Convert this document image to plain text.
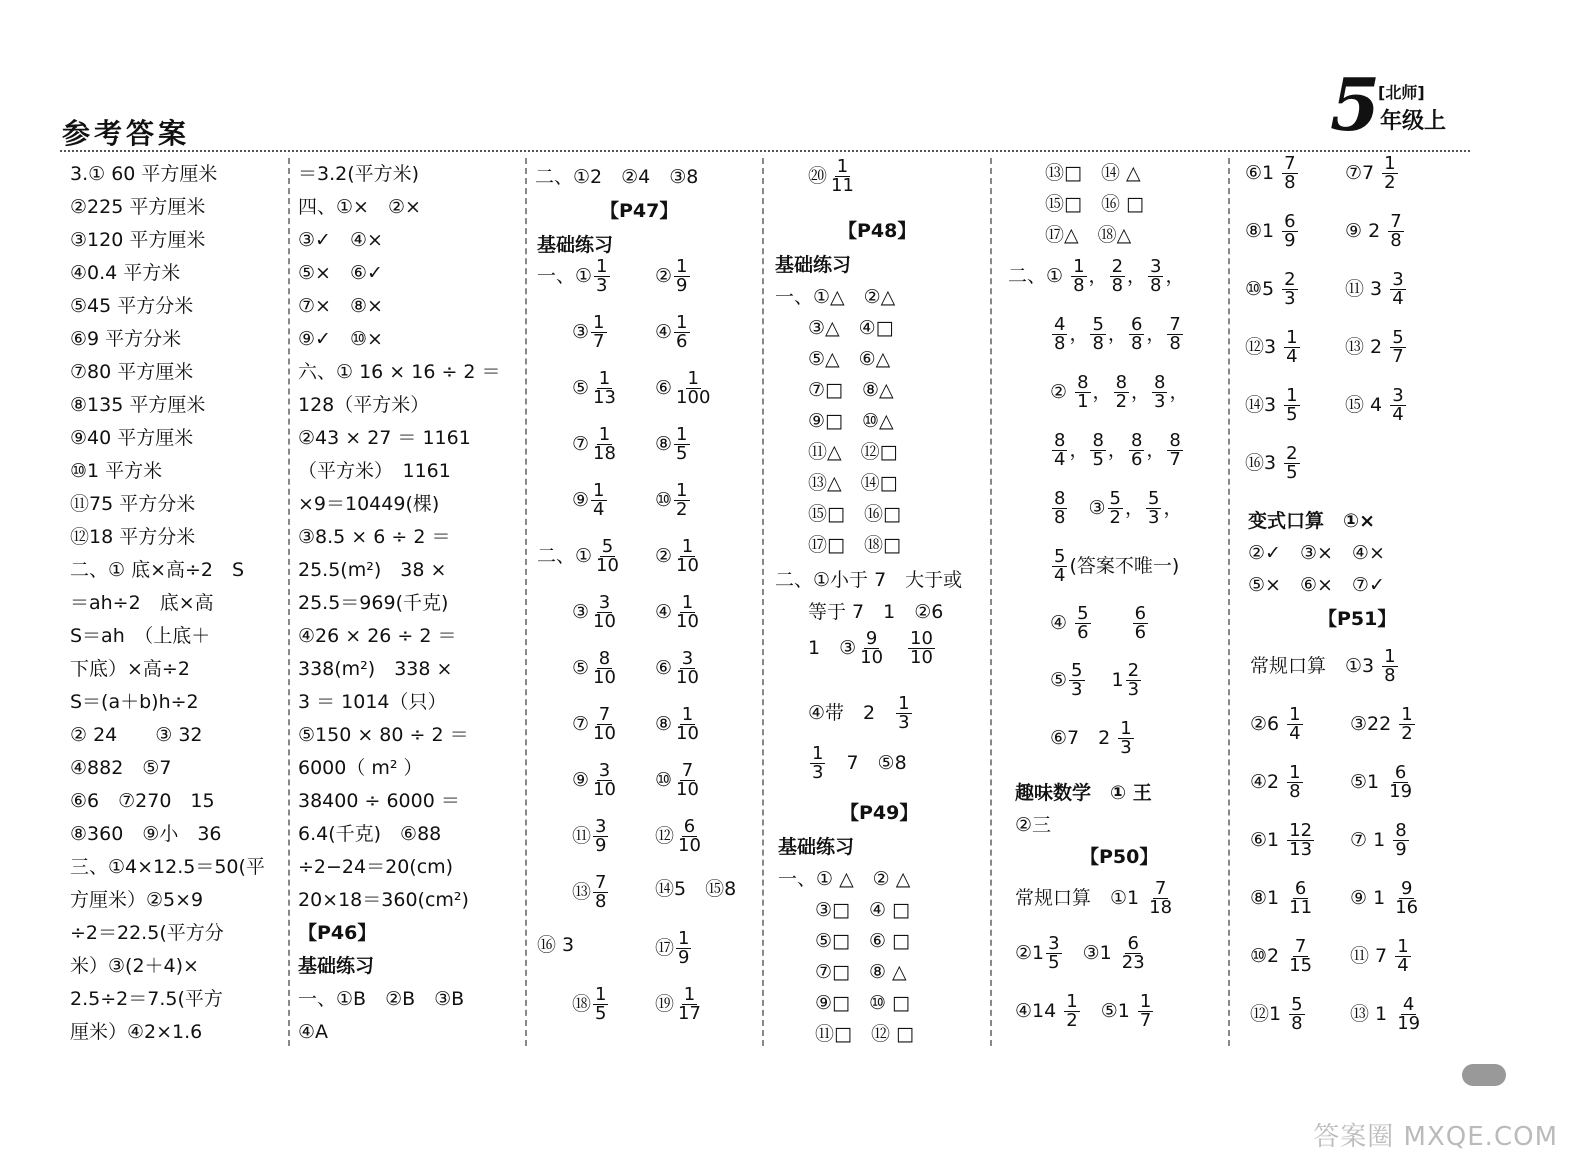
参考答案	5
[北师]
年级上
3.① 60 平方厘米
②225 平方厘米
③120 平方厘米
④0.4 平方米
⑤45 平方分米
⑥9 平方分米
⑦80 平方厘米
⑧135 平方厘米
⑨40 平方厘米
⑩1 平方米
⑪75 平方分米
⑫18 平方分米
二、① 底×高÷2　S
＝ah÷2　底×高
S＝ah　（上底＋
下底）×高÷2
S＝(a＋b)h÷2
② 24　　③ 32
④882　⑤7
⑥6　⑦270　15
⑧360　⑨小　36
三、①4×12.5＝50(平
方厘米）②5×9
÷2＝22.5(平方分
米）③(2＋4)×
2.5÷2＝7.5(平方
厘米）④2×1.6
＝3.2(平方米)
四、①×　②×
③✓　④×
⑤×　⑥✓
⑦×　⑧×
⑨✓　⑩×
六、① 16 × 16 ÷ 2 ＝
128（平方米）
②43 × 27 ＝ 1161
（平方米）　1161
×9＝10449(棵)
③8.5 × 6 ÷ 2 ＝
25.5(m²)　38 ×
25.5＝969(千克)
④26 × 26 ÷ 2 ＝
338(m²)　338 ×
3 ＝ 1014（只）
⑤150 × 80 ÷ 2 ＝
6000（ m² ）
38400 ÷ 6000 ＝
6.4(千克)　⑥88
÷2−24＝20(cm)
20×18＝360(cm²)
【P46】
基础练习
一、①B　②B　③B
④A
答案圈 MXQE.COM
二、①2　②4　③8
【P47】
基础练习
一、① $\frac{1}{3}$ ② $\frac{1}{9}$
③ $\frac{1}{7}$	④ $\frac{1}{6}$
⑤ $\frac{1}{13}$ ⑥ $\frac{1}{100}$
⑦ $\frac{1}{18}$ ⑧ $\frac{1}{5}$
⑨ $\frac{1}{4}$	⑩ $\frac{1}{2}$
二、① $\frac{5}{10}$ ② $\frac{1}{10}$
③ $\frac{3}{10}$ ④ $\frac{1}{10}$
⑤ $\frac{8}{10}$ ⑥ $\frac{3}{10}$
⑦ $\frac{7}{10}$ ⑧ $\frac{1}{10}$
⑨ $\frac{3}{10}$ ⑩ $\frac{7}{10}$
⑪ $\frac{3}{9}$ ⑫ $\frac{6}{10}$
⑬ $\frac{7}{8}$ ⑭5　⑮8
⑯ 3	⑰ $\frac{1}{9}$
⑱ $\frac{1}{5}$ ⑲ $\frac{1}{17}$
⑳ $\frac{1}{11}$
【P48】
基础练习
一、①△　②△
③△　④□
⑤△　⑥△
⑦□　⑧△
⑨□　⑩△
⑪△　⑫□
⑬△　⑭□
⑮□　⑯□
⑰□　⑱□
二、①小于 7　大于或
等于 7　1　②6
1　③ $\frac{9}{10}$
　 $\frac{10}{10}$
④带　2　 $\frac{1}{3}$
$\frac{1}{3}$
　 7　⑤8
【P49】
基础练习
一、① △　② △
③□　④ □
⑤□　⑥ □
⑦□　⑧ △
⑨□　⑩ □
⑪□　⑫ □
⑬□　⑭ △
⑮□　⑯ □
⑰△　⑱△
二、① $\frac{1}{8}$ ， $\frac{2}{8}$ ， $\frac{3}{8}$ ，
$\frac{4}{8}$ ， $\frac{5}{8}$ ， $\frac{6}{8}$ ， $\frac{7}{8}$
② $\frac{8}{1}$ ， $\frac{8}{2}$ ， $\frac{8}{3}$ ，
$\frac{8}{4}$ ， $\frac{8}{5}$ ， $\frac{8}{6}$ ， $\frac{8}{7}$
$\frac{8}{8}$
　 ③ $\frac{5}{2}$ ， $\frac{5}{3}$ ，
$\frac{5}{4}$ (答案不唯一)
④ $\frac{5}{6}$
　　 $\frac{6}{6}$
⑤ $\frac{5}{3}$
　 $1 \frac{2}{3}$
⑥7　 $2 \frac{1}{3}$
趣味数学　① 王
②三
【P50】
常规口算　①1 $\frac{7}{18}$
②1 $\frac{3}{5}$
　 ③1 $\frac{6}{23}$
④14 $\frac{1}{2}$
　 ⑤1 $\frac{1}{7}$
⑥1 $\frac{7}{8}$ ⑦7 $\frac{1}{2}$
⑧1 $\frac{6}{9}$ ⑨ $2 \frac{7}{8}$
⑩5 $\frac{2}{3}$ ⑪ $3 \frac{3}{4}$
⑫3 $\frac{1}{4}$ ⑬ $2 \frac{5}{7}$
⑭3 $\frac{1}{5}$ ⑮ $4 \frac{3}{4}$
⑯3 $\frac{2}{5}$
变式口算　①×
②✓　③×　④×
⑤×　⑥×　⑦✓
【P51】
常规口算　①3 $\frac{1}{8}$
②6 $\frac{1}{4}$ ③22 $\frac{1}{2}$
④2 $\frac{1}{8}$ ⑤1 $\frac{6}{19}$
⑥1 $\frac{12}{13}$ ⑦ $1 \frac{8}{9}$
⑧1 $\frac{6}{11}$ ⑨ $1 \frac{9}{16}$
⑩2 $\frac{7}{15}$ ⑪ $7 \frac{1}{4}$
⑫1 $\frac{5}{8}$ ⑬ $1 \frac{4}{19}$
